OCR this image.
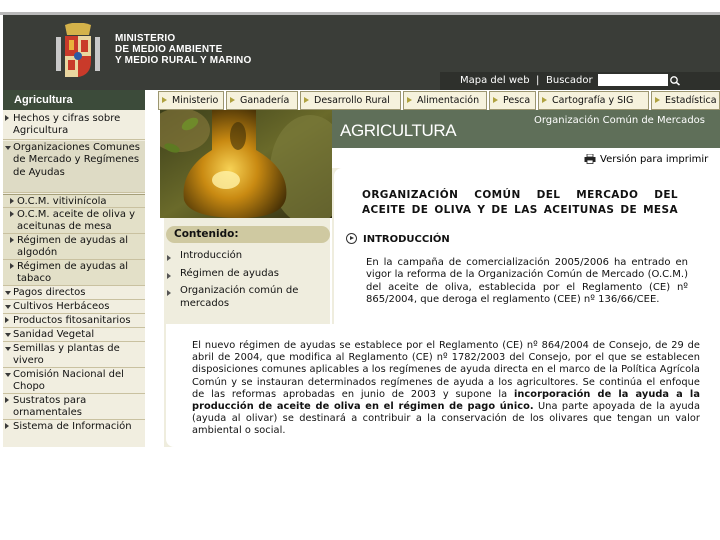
MINISTERIO
DE MEDIO AMBIENTE
Y MEDIO RURAL Y MARINO
Mapa del web | Buscador
Agricultura
Hechos y cifras sobre Agricultura
Organizaciones Comunes de Mercado y Regímenes de Ayudas
O.C.M. vitivinícola
O.C.M. aceite de oliva y aceitunas de mesa
Régimen de ayudas al algodón
Régimen de ayudas al tabaco
Pagos directos
Cultivos Herbáceos
Productos fitosanitarios
Sanidad Vegetal
Semillas y plantas de vivero
Comisión Nacional del Chopo
Sustratos para ornamentales
Sistema de Información
Ministerio Ganadería	Desarrollo Rural	Alimentación	Pesca Cartografía y SIG	Estadística
AGRICULTURA
Organización Común de Mercados
Versión para imprimir
Contenido:
Introducción
Régimen de ayudas
Organización común de mercados
ORGANIZACIÓN COMÚN DEL MERCADO DEL ACEITE DE OLIVA Y DE LAS ACEITUNAS DE MESA
INTRODUCCIÓN
En la campaña de comercialización 2005/2006 ha entrado en vigor la reforma de la Organización Común de Mercado (O.C.M.) del aceite de oliva, establecida por el Reglamento (CE) nº 865/2004, que deroga el reglamento (CEE) nº 136/66/CEE.
El nuevo régimen de ayudas se establece por el Reglamento (CE) nº 864/2004 de Consejo, de 29 de abril de 2004, que modifica al Reglamento (CE) nº 1782/2003 del Consejo, por el que se establecen disposiciones comunes aplicables a los regímenes de ayuda directa en el marco de la Política Agrícola Común y se instauran determinados regímenes de ayuda a los agricultores. Se continúa el enfoque de las reformas aprobadas en junio de 2003 y supone la incorporación de la ayuda a la producción de aceite de oliva en el régimen de pago único. Una parte apoyada de la ayuda (ayuda al olivar) se destinará a contribuir a la conservación de los olivares que tengan un valor ambiental o social.
